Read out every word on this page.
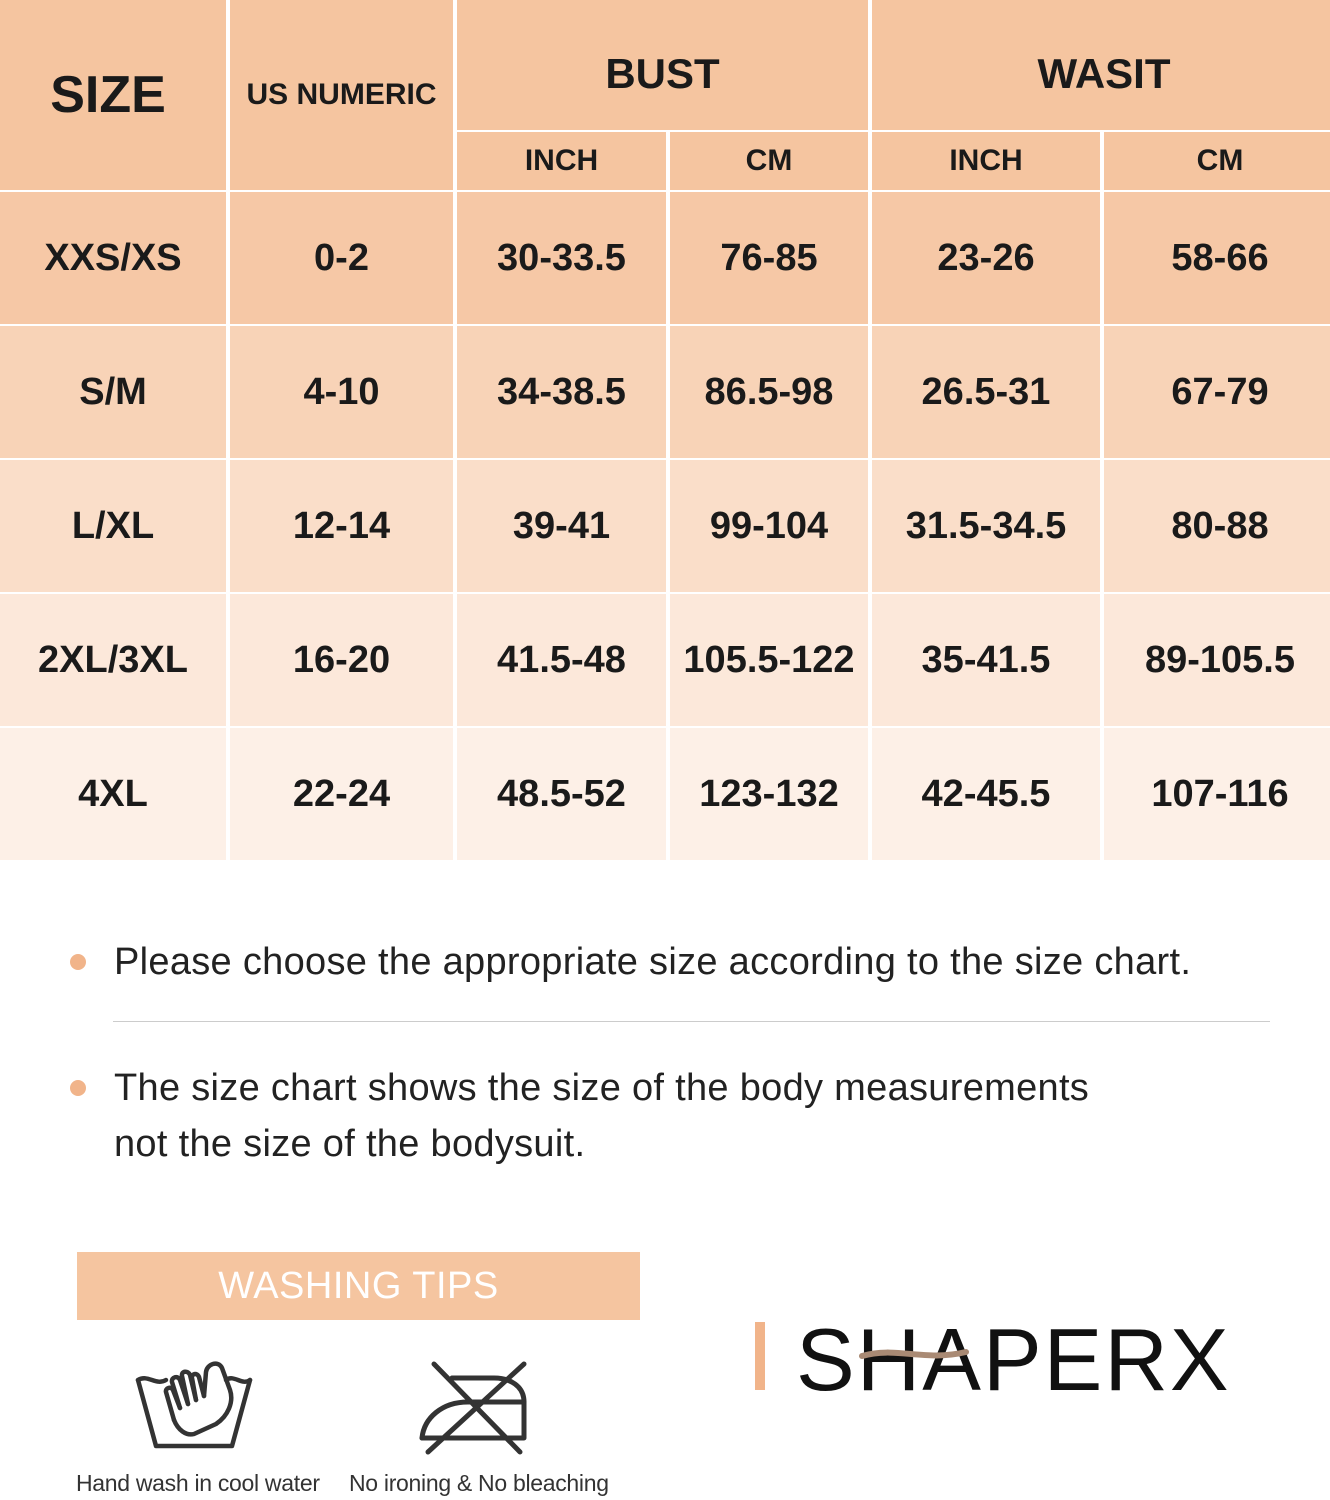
SIZE	US NUMERIC	BUST	WASIT
INCH	CM	INCH	CM
XXS/XS	0-2	30-33.5	76-85	23-26	58-66
S/M	4-10	34-38.5	86.5-98	26.5-31	67-79
L/XL	12-14	39-41	99-104	31.5-34.5	80-88
2XL/3XL	16-20	41.5-48	105.5-122	35-41.5	89-105.5
4XL	22-24	48.5-52	123-132	42-45.5	107-116
Please choose the appropriate size according to the size chart.
The size chart shows the size of the body measurements
not the size of the bodysuit.
WASHING TIPS
Hand wash in cool water No ironing & No bleaching
SHAPERX
